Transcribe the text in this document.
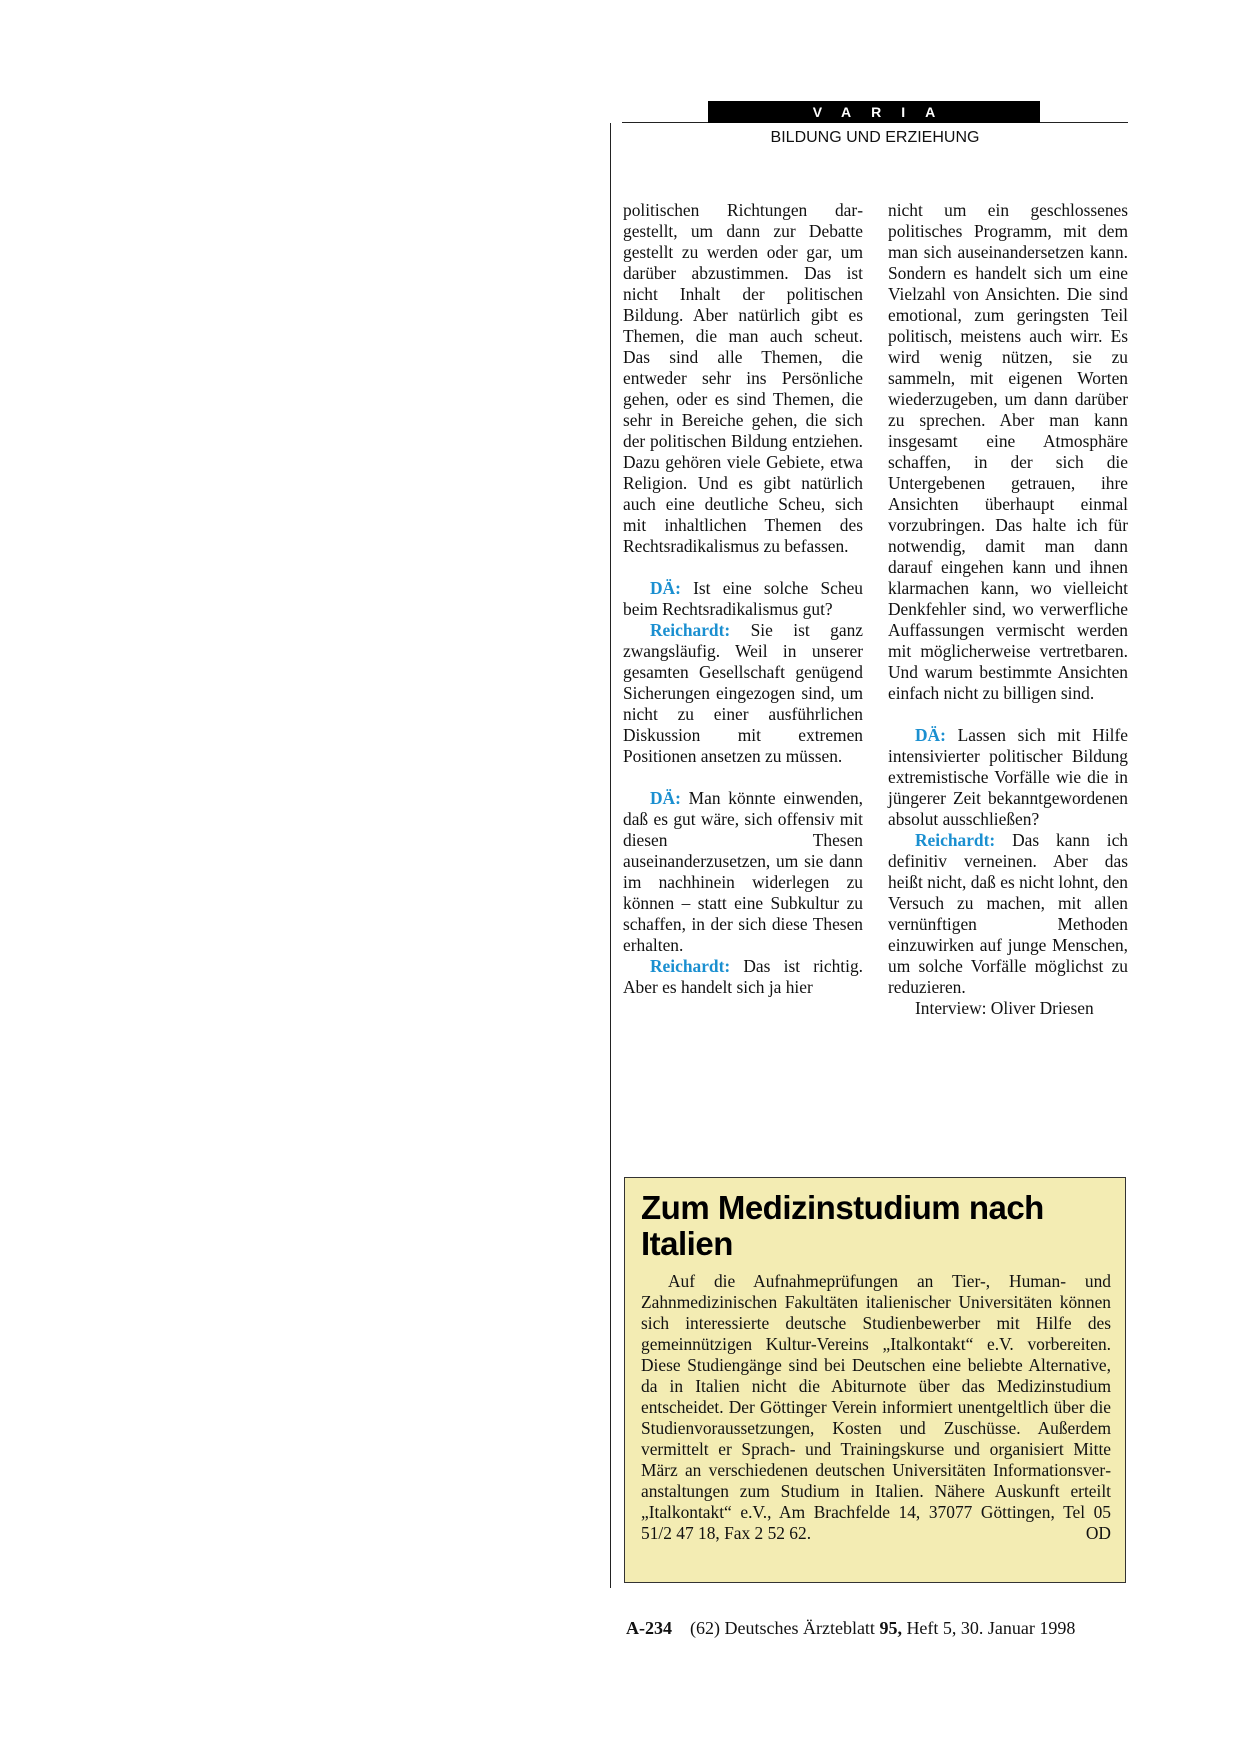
VARIA
BILDUNG UND ERZIEHUNG

politischen Richtungen dargestellt, um dann zur Debatte gestellt zu werden oder gar, um darüber abzustimmen. Das ist nicht Inhalt der politischen Bildung. Aber natürlich gibt es Themen, die man auch scheut. Das sind alle Themen, die entweder sehr ins Persönliche gehen, oder es sind Themen, die sehr in Bereiche gehen, die sich der politischen Bildung entziehen. Dazu gehören viele Gebiete, etwa Religion. Und es gibt natürlich auch eine deutliche Scheu, sich mit inhaltlichen Themen des Rechtsradikalismus zu befassen.

DÄ: Ist eine solche Scheu beim Rechtsradikalismus gut?

Reichardt: Sie ist ganz zwangsläufig. Weil in unserer gesamten Gesellschaft genügend Sicherungen eingezogen sind, um nicht zu einer ausführlichen Diskussion mit extremen Positionen ansetzen zu müssen.

DÄ: Man könnte einwenden, daß es gut wäre, sich offensiv mit diesen Thesen auseinanderzusetzen, um sie dann im nachhinein widerlegen zu können – statt eine Subkultur zu schaffen, in der sich diese Thesen erhalten.

Reichardt: Das ist richtig. Aber es handelt sich ja hier

nicht um ein geschlossenes politisches Programm, mit dem man sich auseinandersetzen kann. Sondern es handelt sich um eine Vielzahl von Ansichten. Die sind emotional, zum geringsten Teil politisch, meistens auch wirr. Es wird wenig nützen, sie zu sammeln, mit eigenen Worten wiederzugeben, um dann darüber zu sprechen. Aber man kann insgesamt eine Atmosphäre schaffen, in der sich die Untergebenen getrauen, ihre Ansichten überhaupt einmal vorzubringen. Das halte ich für notwendig, damit man dann darauf eingehen kann und ihnen klarmachen kann, wo vielleicht Denkfehler sind, wo verwerfliche Auffassungen vermischt werden mit möglicherweise vertretbaren. Und warum bestimmte Ansichten einfach nicht zu billigen sind.

DÄ: Lassen sich mit Hilfe intensivierter politischer Bildung extremistische Vorfälle wie die in jüngerer Zeit bekanntgewordenen absolut ausschließen?

Reichardt: Das kann ich definitiv verneinen. Aber das heißt nicht, daß es nicht lohnt, den Versuch zu machen, mit allen vernünftigen Methoden einzuwirken auf junge Menschen, um solche Vorfälle möglichst zu reduzieren.

Interview: Oliver Driesen

Zum Medizinstudium nach Italien

Auf die Aufnahmeprüfungen an Tier-, Human- und Zahnmedizinischen Fakultäten italienischer Universitäten können sich interessierte deutsche Studienbewerber mit Hilfe des gemeinnützigen Kultur-Vereins „Italkontakt“ e.V. vorbereiten. Diese Studiengänge sind bei Deutschen eine beliebte Alternative, da in Italien nicht die Abiturnote über das Medizinstudium entscheidet. Der Göttinger Verein informiert unentgeltlich über die Studienvoraussetzungen, Kosten und Zuschüsse. Außerdem vermittelt er Sprach- und Trainingskurse und organisiert Mitte März an verschiedenen deutschen Universitäten Informationsveranstaltungen zum Studium in Italien. Nähere Auskunft erteilt „Italkontakt“ e.V., Am Brachfelde 14, 37077 Göttingen, Tel 05 51/2 47 18, Fax 2 52 62.	OD

A-234 (62) Deutsches Ärzteblatt 95, Heft 5, 30. Januar 1998
